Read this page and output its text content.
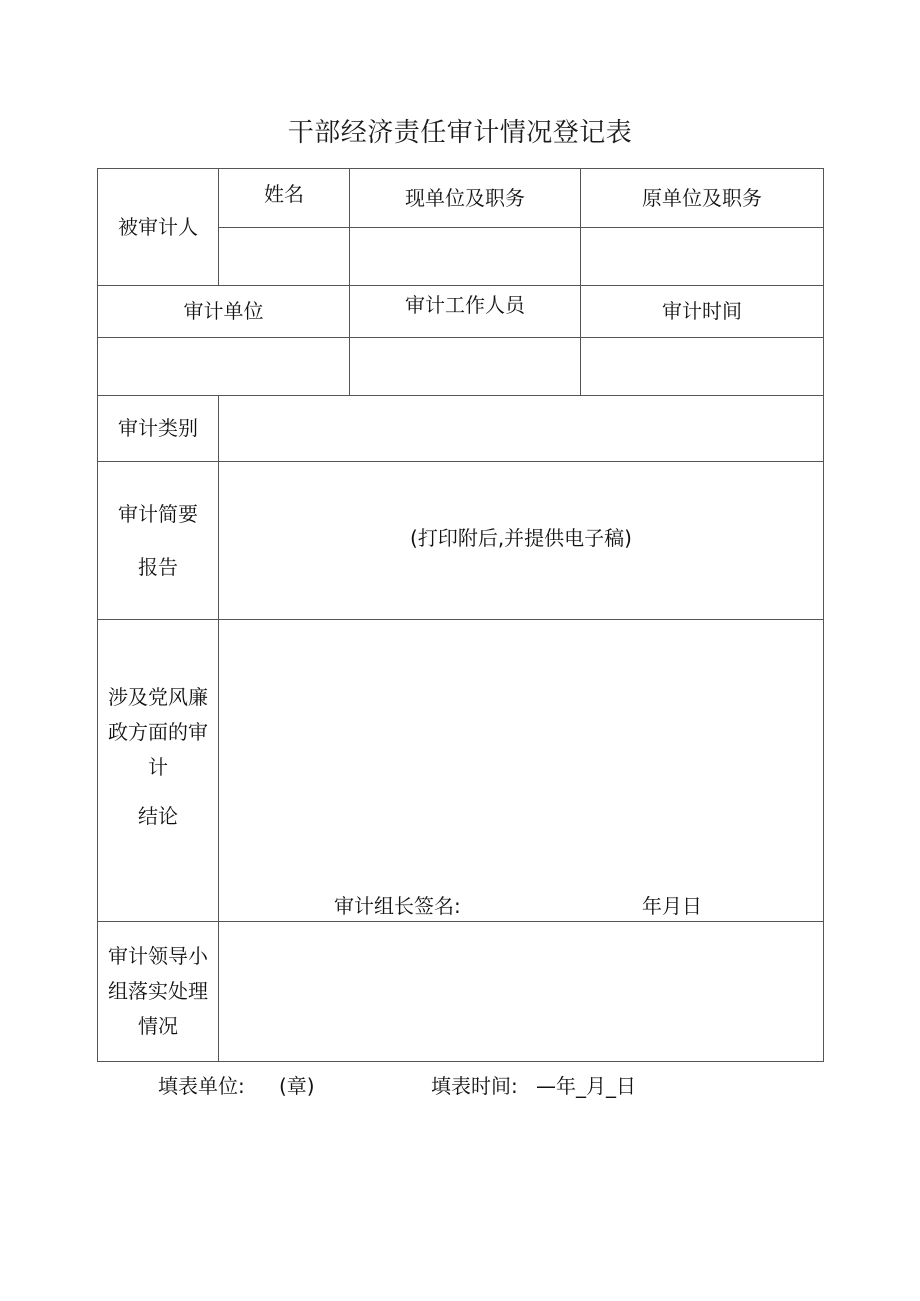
干部经济责任审计情况登记表
被审计人	姓名	现单位及职务	原单位及职务

审计单位		审计工作人员	审计时间

审计类别			

审计简要
报告	(打印附后,并提供电子稿)		

涉及党风廉
政方面的审
计
结论	审计组长签名: 年月日		

审计领导小
组落实处理
情况			

填表单位: (章)	填表时间: —年_月_日
